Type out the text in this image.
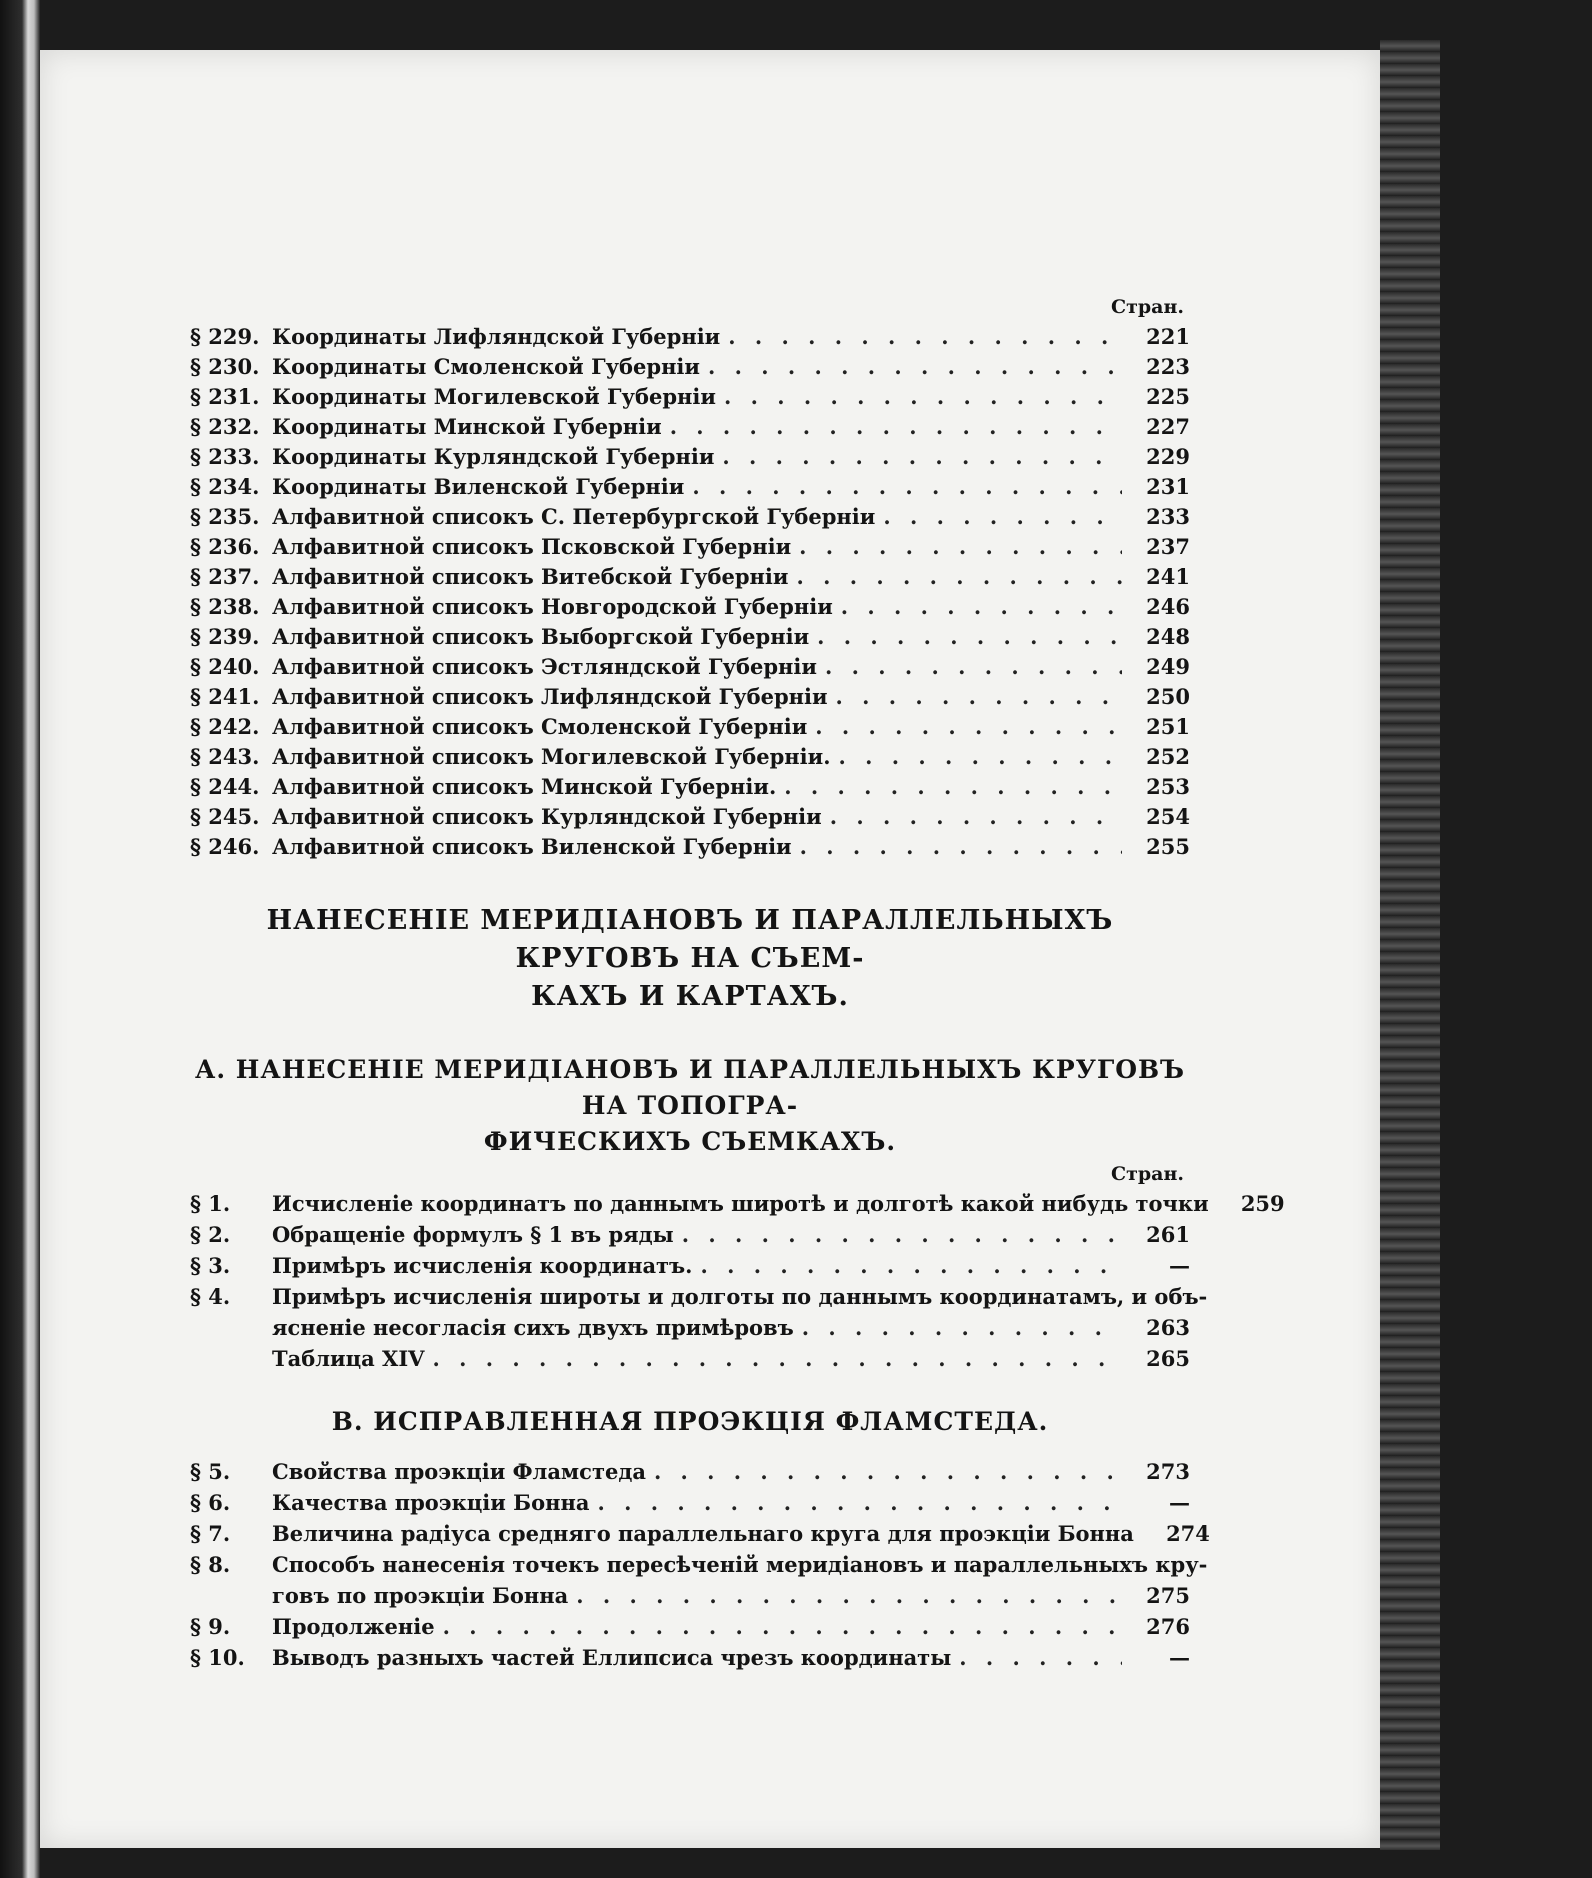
Стран.
§ 229. Координаты Лифляндской Губерніи . . .	221
§ 230. Координаты Смоленской Губерніи . . .	223
§ 231. Координаты Могилевской Губерніи . . .	225
§ 232. Координаты Минской Губерніи . . .	227
§ 233. Координаты Курляндской Губерніи . . .	229
§ 234. Координаты Виленской Губерніи . . .	231
§ 235. Алфавитной списокъ С. Петербургской Губерніи . . .	233
§ 236. Алфавитной списокъ Псковской Губерніи . . .	237
§ 237. Алфавитной списокъ Витебской Губерніи . . .	241
§ 238. Алфавитной списокъ Новгородской Губерніи . . .	246
§ 239. Алфавитной списокъ Выборгской Губерніи . . .	248
§ 240. Алфавитной списокъ Эстляндской Губерніи . . .	249
§ 241. Алфавитной списокъ Лифляндской Губерніи . . .	250
§ 242. Алфавитной списокъ Смоленской Губерніи . . .	251
§ 243. Алфавитной списокъ Могилевской Губерніи. . . .	252
§ 244. Алфавитной списокъ Минской Губерніи. . . .	253
§ 245. Алфавитной списокъ Курляндской Губерніи . . .	254
§ 246. Алфавитной списокъ Виленской Губерніи . . .	255
НАНЕСЕНІЕ МЕРИДІАНОВЪ И ПАРАЛЛЕЛЬНЫХЪ КРУГОВЪ НА СЪЕМ-
КАХЪ И КАРТАХЪ.
А. НАНЕСЕНІЕ МЕРИДІАНОВЪ И ПАРАЛЛЕЛЬНЫХЪ КРУГОВЪ НА ТОПОГРА-
ФИЧЕСКИХЪ СЪЕМКАХЪ.
Стран.
§ 1.	Исчисленіе координатъ по даннымъ широтѣ и долготѣ какой нибудь точки	259
§ 2.	Обращеніе формулъ § 1 въ ряды . . .	261
§ 3.	Примѣръ исчисленія координатъ. . . .	—
§ 4.	Примѣръ исчисленія широты и долготы по даннымъ координатамъ, и объ-
ясненіе несогласія сихъ двухъ примѣровъ . . .	263
Таблица XIV . . .	265
В. ИСПРАВЛЕННАЯ ПРОЭКЦІЯ ФЛАМСТЕДА.
§ 5.	Свойства проэкціи Фламстеда . . .	273
§ 6.	Качества проэкціи Бонна . . .	—
§ 7.	Величина радіуса средняго параллельнаго круга для проэкціи Бонна	274
§ 8.	Способъ нанесенія точекъ пересѣченій меридіановъ и параллельныхъ кру-
говъ по проэкціи Бонна . . .	275
§ 9.	Продолженіе . . .	276
§ 10.	Выводъ разныхъ частей Еллипсиса чрезъ координаты . . .	—
